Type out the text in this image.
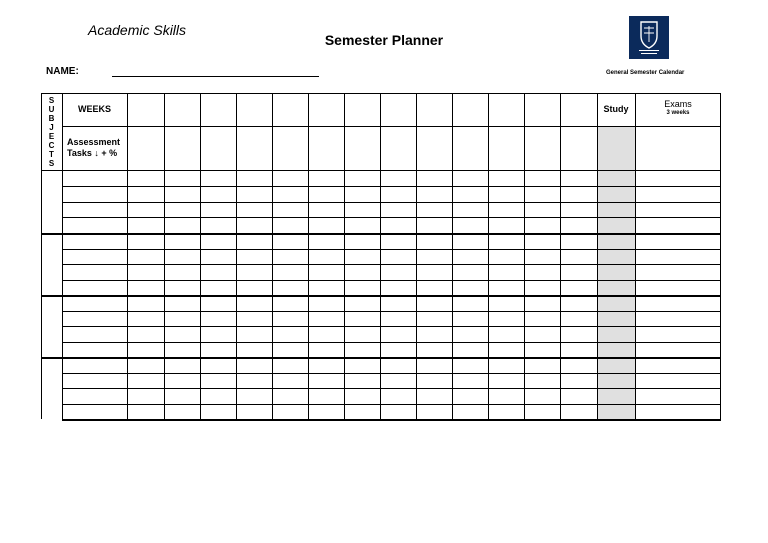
Academic Skills
Semester Planner
NAME:	General Semester Calendar
S
U
B
J
E
C
T
S
WEEKS
Assessment Tasks ↓ + %
Study	Exams
3 weeks
